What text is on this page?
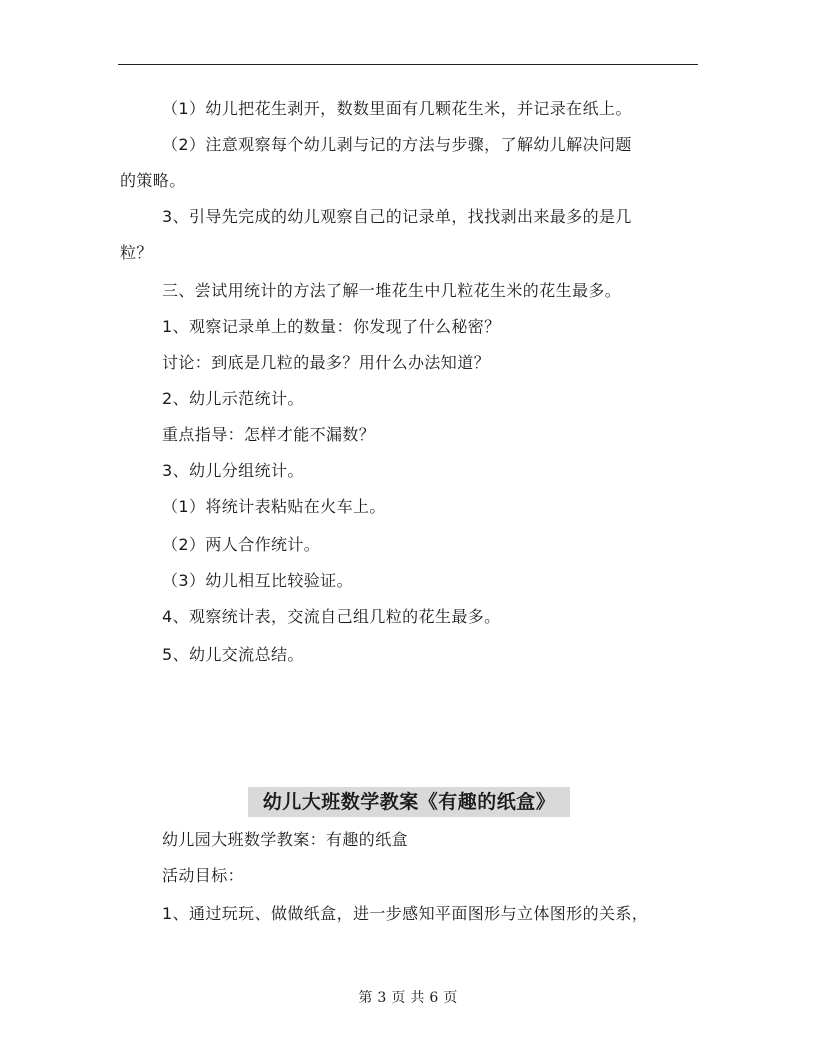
（1）幼儿把花生剥开，数数里面有几颗花生米，并记录在纸上。
（2）注意观察每个幼儿剥与记的方法与步骤，了解幼儿解决问题
的策略。
3、引导先完成的幼儿观察自己的记录单，找找剥出来最多的是几
粒？
三、尝试用统计的方法了解一堆花生中几粒花生米的花生最多。
1、观察记录单上的数量：你发现了什么秘密？
讨论：到底是几粒的最多？用什么办法知道？
2、幼儿示范统计。
重点指导：怎样才能不漏数？
3、幼儿分组统计。
（1）将统计表粘贴在火车上。
（2）两人合作统计。
（3）幼儿相互比较验证。
4、观察统计表，交流自己组几粒的花生最多。
5、幼儿交流总结。
幼儿大班数学教案《有趣的纸盒》
幼儿园大班数学教案：有趣的纸盒
活动目标：
1、通过玩玩、做做纸盒，进一步感知平面图形与立体图形的关系，
第 3 页 共 6 页
